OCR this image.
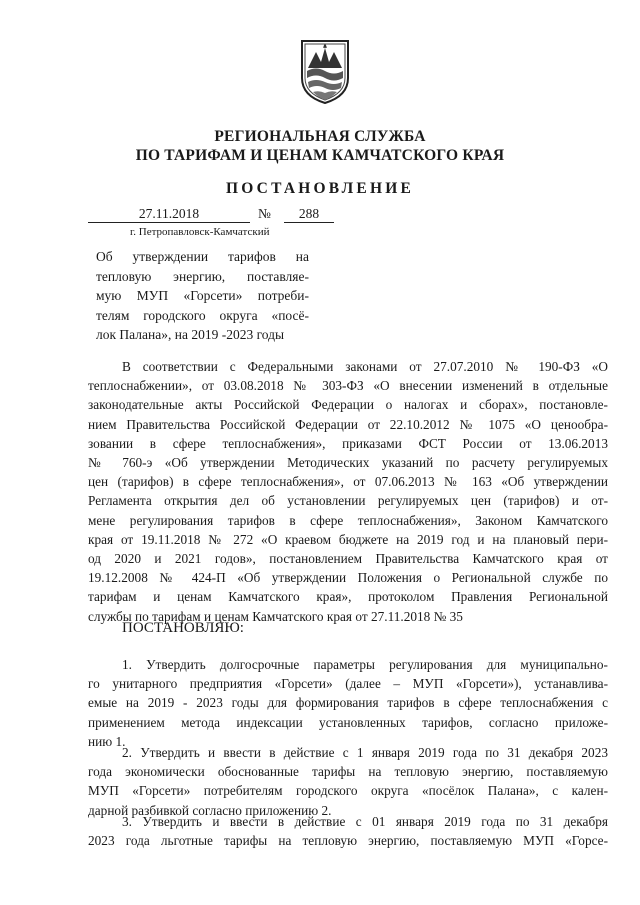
РЕГИОНАЛЬНАЯ СЛУЖБА
ПО ТАРИФАМ И ЦЕНАМ КАМЧАТСКОГО КРАЯ
ПОСТАНОВЛЕНИЕ
27.11.2018	№	288
г. Петропавловск-Камчатский
Об утверждении тарифов на
тепловую энергию, поставляе-
мую МУП «Горсети» потреби-
телям городского округа «посё-
лок Палана», на 2019 -2023 годы
В соответствии с Федеральными законами от 27.07.2010 № 190-ФЗ «О
теплоснабжении», от 03.08.2018 № 303-ФЗ «О внесении изменений в отдельные
законодательные акты Российской Федерации о налогах и сборах», постановле-
нием Правительства Российской Федерации от 22.10.2012 № 1075 «О ценообра-
зовании в сфере теплоснабжения», приказами ФСТ России от 13.06.2013
№ 760-э «Об утверждении Методических указаний по расчету регулируемых
цен (тарифов) в сфере теплоснабжения», от 07.06.2013 № 163 «Об утверждении
Регламента открытия дел об установлении регулируемых цен (тарифов) и от-
мене регулирования тарифов в сфере теплоснабжения», Законом Камчатского
края от 19.11.2018 № 272 «О краевом бюджете на 2019 год и на плановый пери-
од 2020 и 2021 годов», постановлением Правительства Камчатского края от
19.12.2008 № 424-П «Об утверждении Положения о Региональной службе по
тарифам и ценам Камчатского края», протоколом Правления Региональной
службы по тарифам и ценам Камчатского края от 27.11.2018 № 35
ПОСТАНОВЛЯЮ:
1. Утвердить долгосрочные параметры регулирования для муниципально-
го унитарного предприятия «Горсети» (далее – МУП «Горсети»), устанавлива-
емые на 2019 - 2023 годы для формирования тарифов в сфере теплоснабжения с
применением метода индексации установленных тарифов, согласно приложе-
нию 1.
2. Утвердить и ввести в действие с 1 января 2019 года по 31 декабря 2023
года экономически обоснованные тарифы на тепловую энергию, поставляемую
МУП «Горсети» потребителям городского округа «посёлок Палана», с кален-
дарной разбивкой согласно приложению 2.
3. Утвердить и ввести в действие с 01 января 2019 года по 31 декабря
2023 года льготные тарифы на тепловую энергию, поставляемую МУП «Горсе-
